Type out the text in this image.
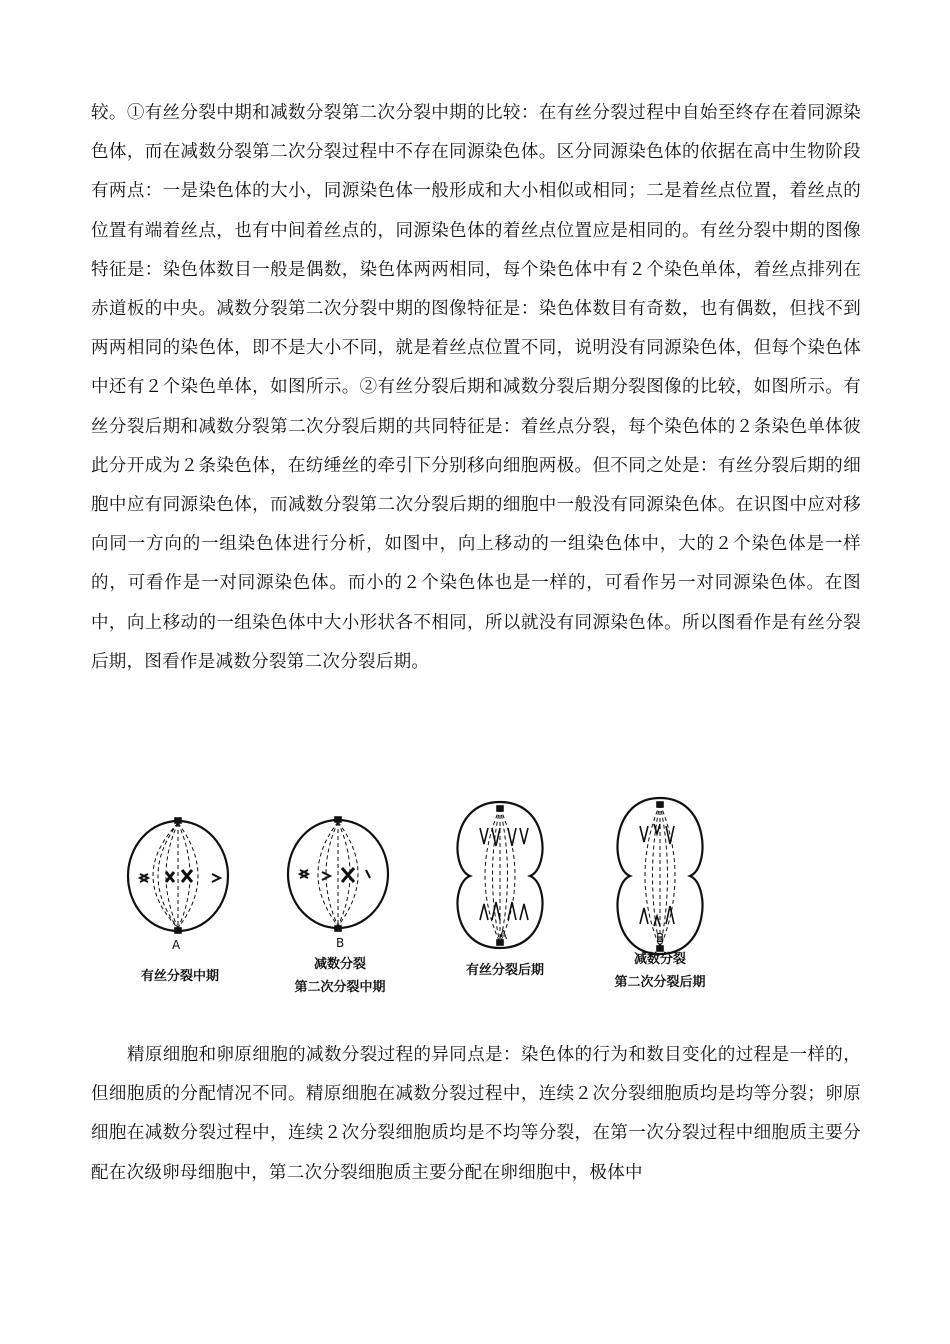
较。①有丝分裂中期和减数分裂第二次分裂中期的比较：在有丝分裂过程中自始至终存在着同源染色体，而在减数分裂第二次分裂过程中不存在同源染色体。区分同源染色体的依据在高中生物阶段有两点：一是染色体的大小，同源染色体一般形成和大小相似或相同；二是着丝点位置，着丝点的位置有端着丝点，也有中间着丝点的，同源染色体的着丝点位置应是相同的。有丝分裂中期的图像特征是：染色体数目一般是偶数，染色体两两相同，每个染色体中有２个染色单体，着丝点排列在赤道板的中央。减数分裂第二次分裂中期的图像特征是：染色体数目有奇数，也有偶数，但找不到两两相同的染色体，即不是大小不同，就是着丝点位置不同，说明没有同源染色体，但每个染色体中还有２个染色单体，如图所示。②有丝分裂后期和减数分裂后期分裂图像的比较，如图所示。有丝分裂后期和减数分裂第二次分裂后期的共同特征是：着丝点分裂，每个染色体的２条染色单体彼此分开成为２条染色体，在纺缍丝的牵引下分别移向细胞两极。但不同之处是：有丝分裂后期的细胞中应有同源染色体，而减数分裂第二次分裂后期的细胞中一般没有同源染色体。在识图中应对移向同一方向的一组染色体进行分析，如图中，向上移动的一组染色体中，大的２个染色体是一样的，可看作是一对同源染色体。而小的２个染色体也是一样的，可看作另一对同源染色体。在图中，向上移动的一组染色体中大小形状各不相同，所以就没有同源染色体。所以图看作是有丝分裂后期，图看作是减数分裂第二次分裂后期。
A
有丝分裂中期
B
减数分裂
第二次分裂中期
A
有丝分裂后期
B
减数分裂
第二次分裂后期
精原细胞和卵原细胞的减数分裂过程的异同点是：染色体的行为和数目变化的过程是一样的，但细胞质的分配情况不同。精原细胞在减数分裂过程中，连续２次分裂细胞质均是均等分裂；卵原细胞在减数分裂过程中，连续２次分裂细胞质均是不均等分裂，在第一次分裂过程中细胞质主要分配在次级卵母细胞中，第二次分裂细胞质主要分配在卵细胞中，极体中
